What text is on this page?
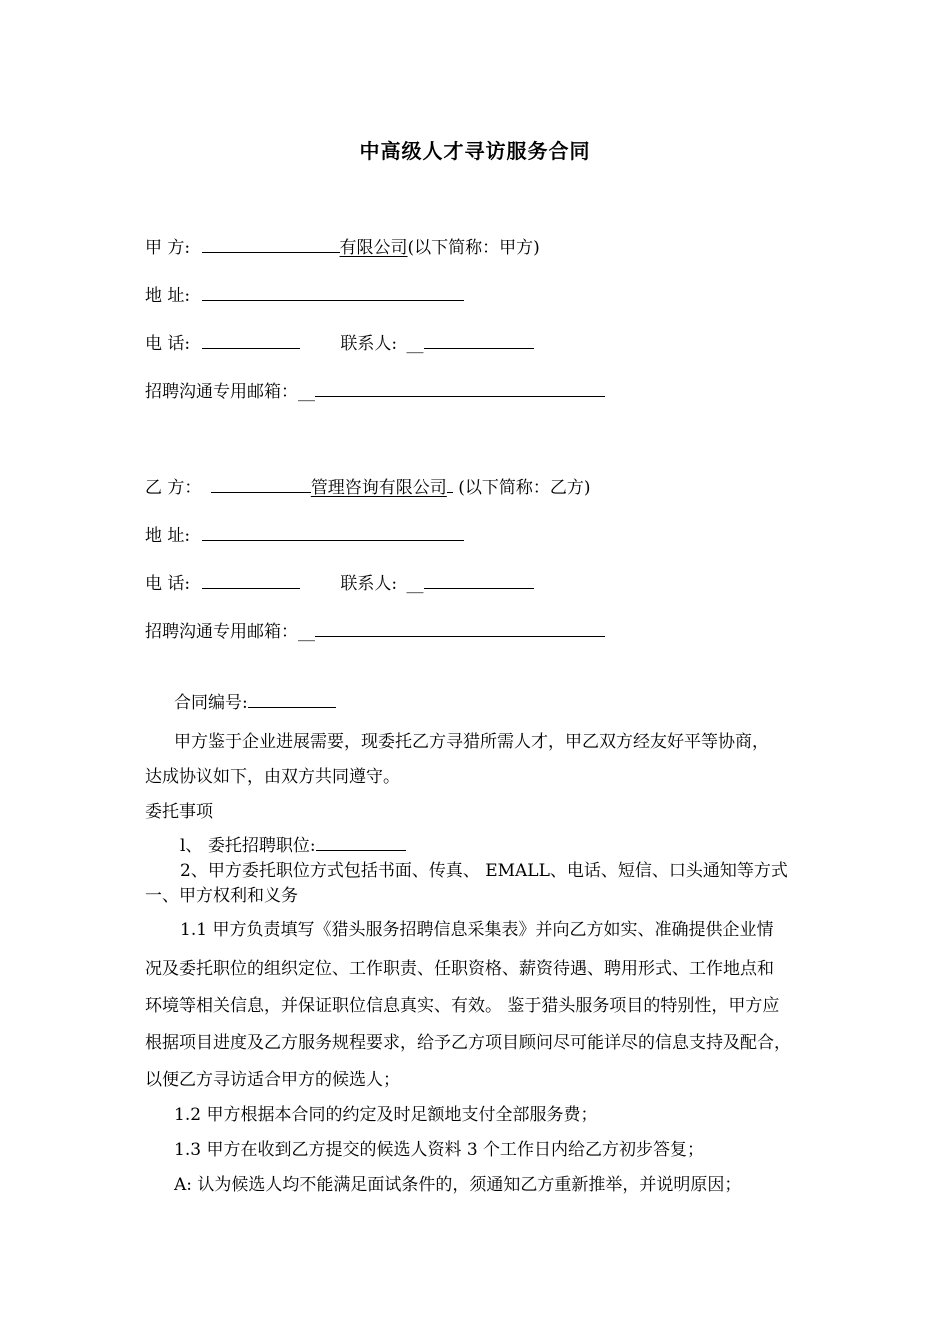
中高级人才寻访服务合同
甲 方:	有限公司(以下简称：甲方)
地 址:
电 话:	联系人: __
招聘沟通专用邮箱：__
乙 方：	管理咨询有限公司 (以下简称：乙方)
地 址:
电 话:	联系人: __
招聘沟通专用邮箱：__
合同编号:
甲方鉴于企业进展需要，现委托乙方寻猎所需人才，甲乙双方经友好平等协商，
达成协议如下，由双方共同遵守。
委托事项
l、 委托招聘职位:
2、甲方委托职位方式包括书面、传真、 EMALL、电话、短信、口头通知等方式
一、甲方权利和义务
1.1 甲方负责填写《猎头服务招聘信息采集表》并向乙方如实、准确提供企业情
况及委托职位的组织定位、工作职责、任职资格、薪资待遇、聘用形式、工作地点和
环境等相关信息，并保证职位信息真实、有效。 鉴于猎头服务项目的特别性，甲方应
根据项目进度及乙方服务规程要求，给予乙方项目顾问尽可能详尽的信息支持及配合，
以便乙方寻访适合甲方的候选人；
1.2 甲方根据本合同的约定及时足额地支付全部服务费；
1.3 甲方在收到乙方提交的候选人资料 3 个工作日内给乙方初步答复；
A: 认为候选人均不能满足面试条件的，须通知乙方重新推举，并说明原因；
